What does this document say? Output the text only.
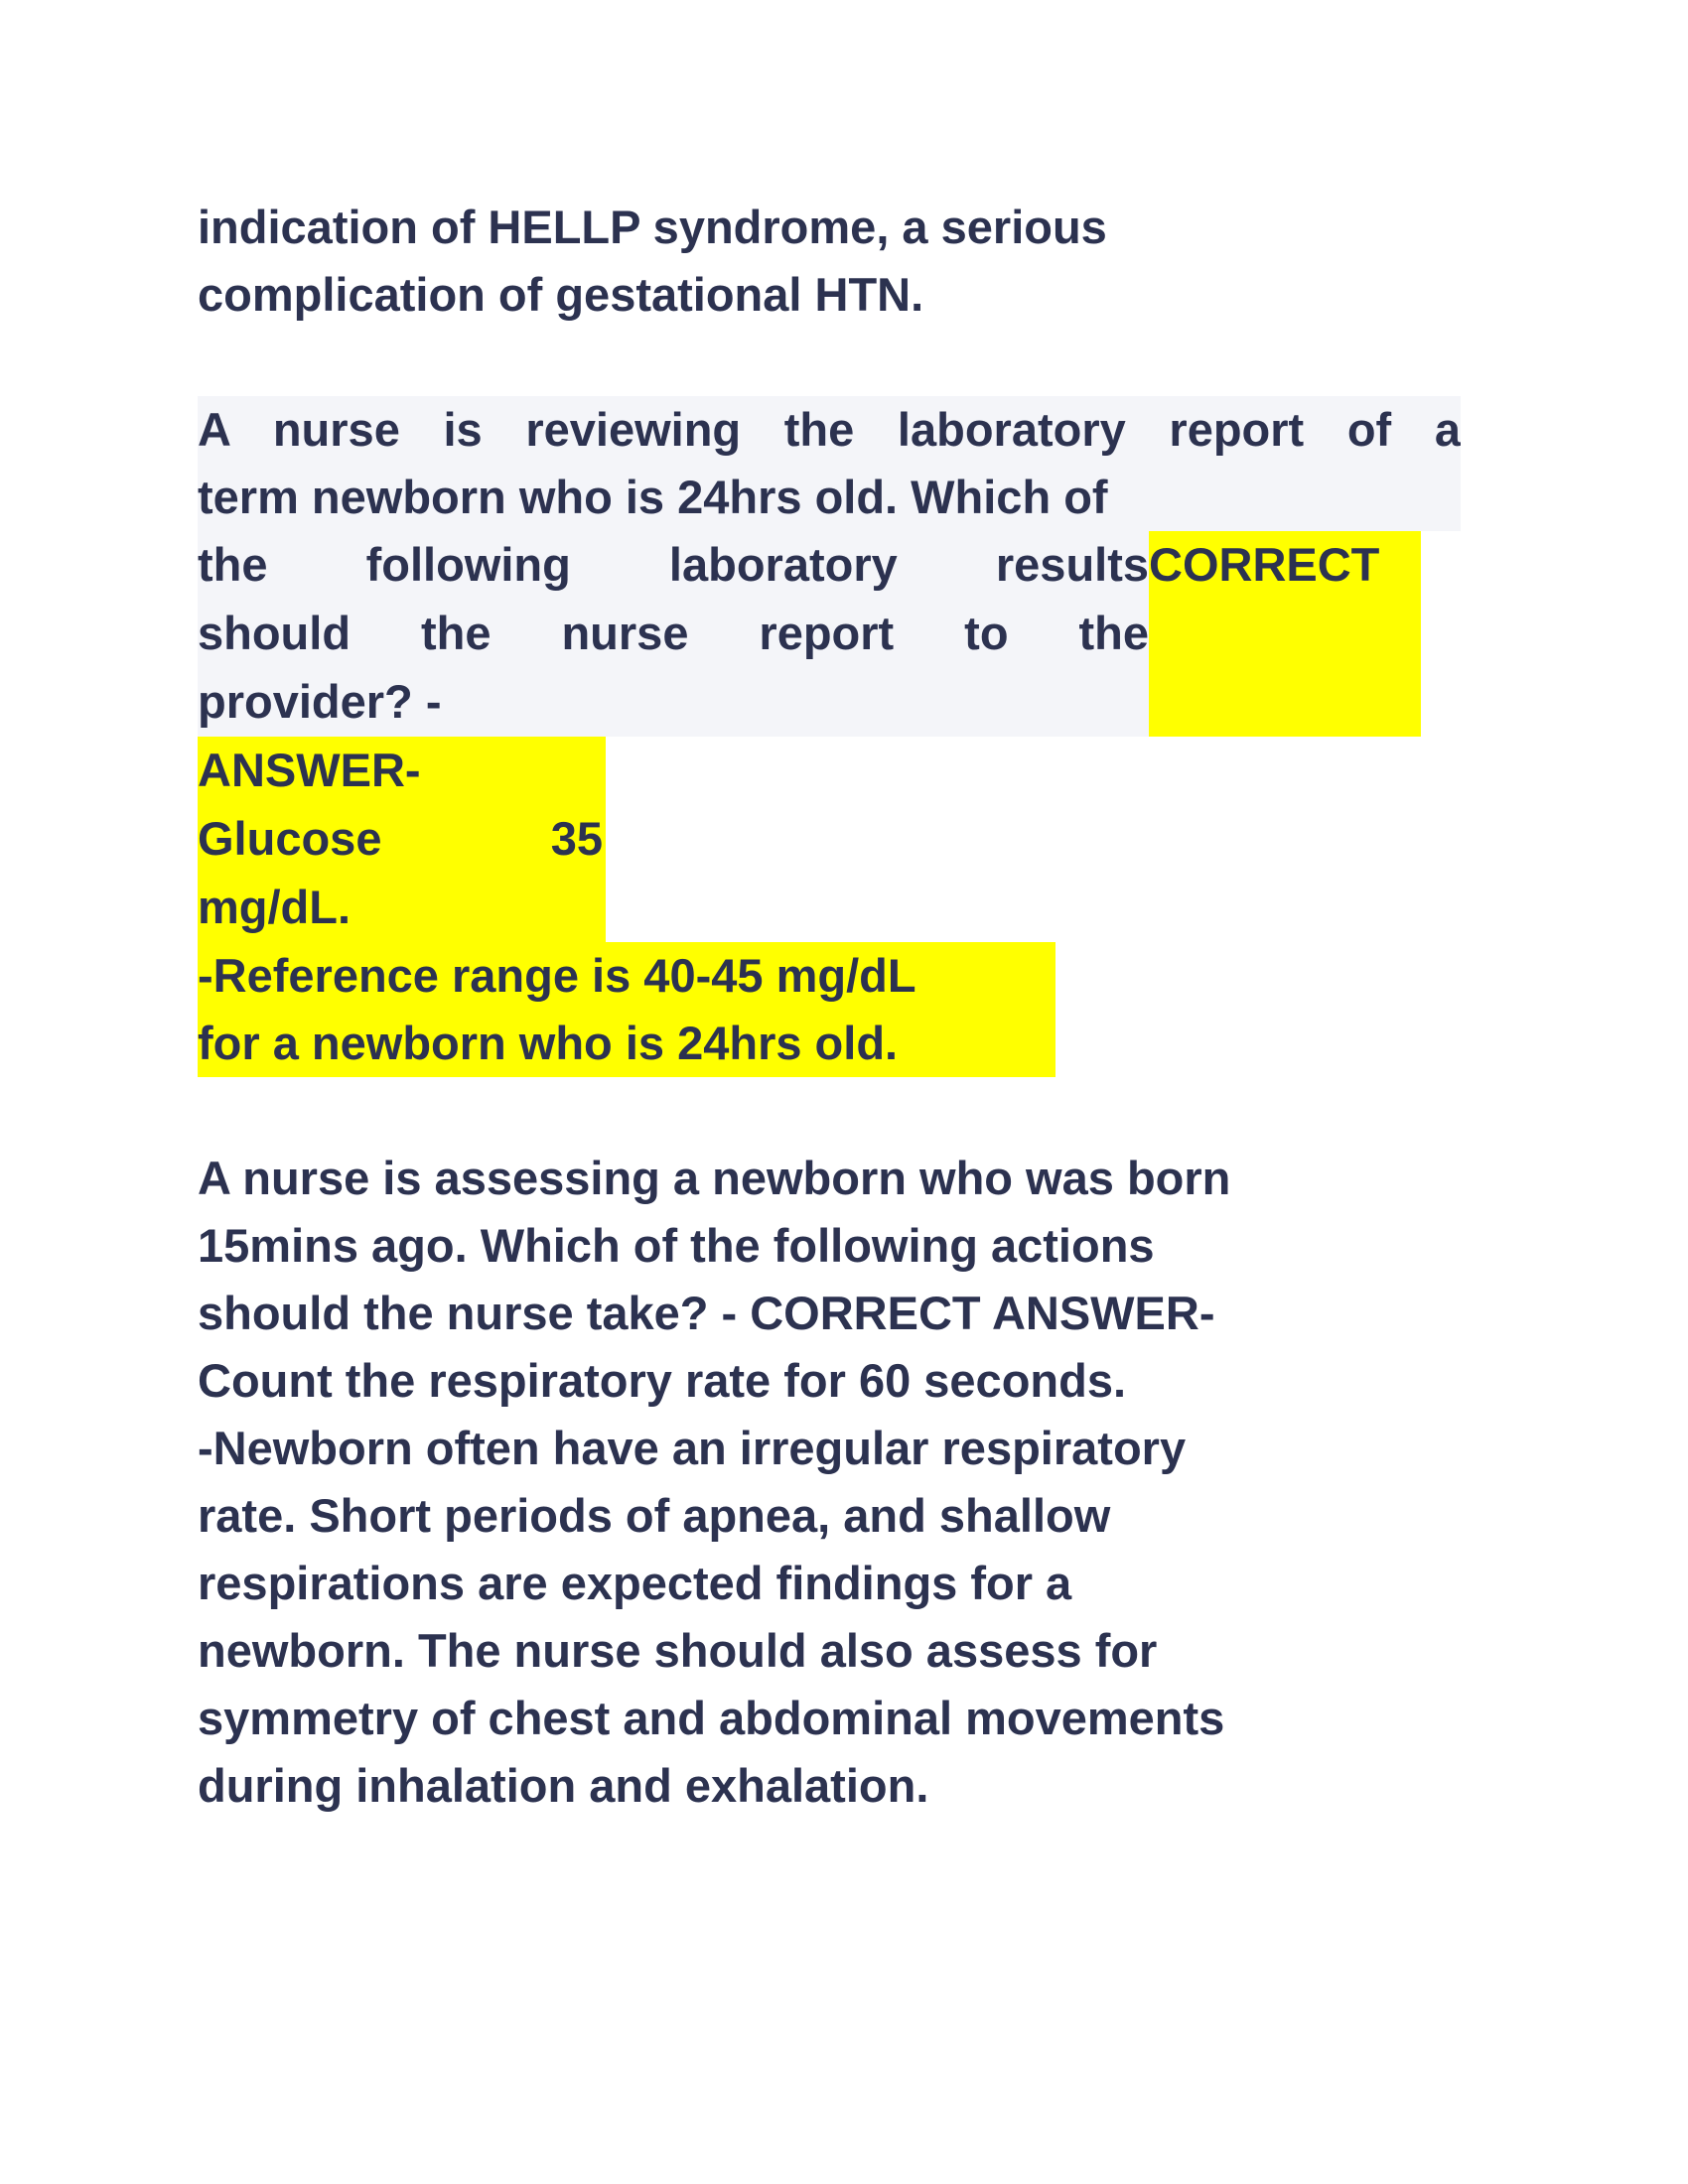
indication of HELLP syndrome, a serious
complication of gestational HTN.
A nurse is reviewing the laboratory report of a
term newborn who is 24hrs old. Which of
the following laboratory results CORRECT
should the nurse report to the
provider? -
ANSWER-
Glucose 35
mg/dL.
-Reference range is 40-45 mg/dL
for a newborn who is 24hrs old.
A nurse is assessing a newborn who was born
15mins ago. Which of the following actions
should the nurse take? - CORRECT ANSWER-
Count the respiratory rate for 60 seconds.
-Newborn often have an irregular respiratory
rate. Short periods of apnea, and shallow
respirations are expected findings for a
newborn. The nurse should also assess for
symmetry of chest and abdominal movements
during inhalation and exhalation.
